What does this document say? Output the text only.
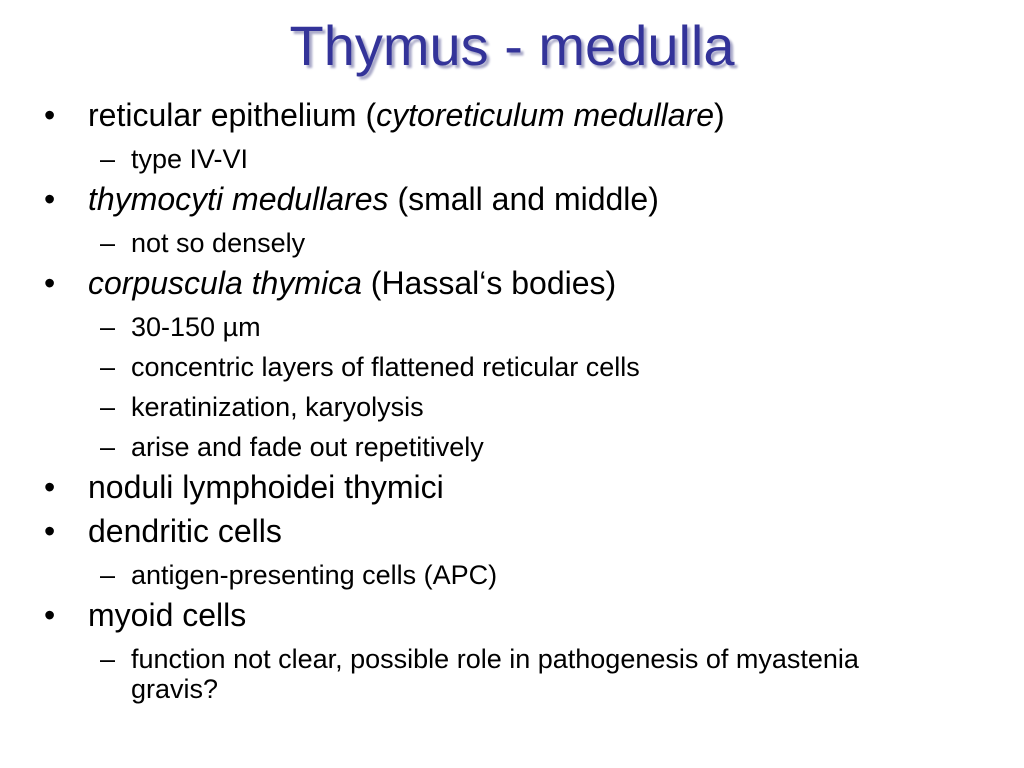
Thymus - medulla
• reticular epithelium (cytoreticulum medullare)
– type IV-VI
• thymocyti medullares (small and middle)
– not so densely
• corpuscula thymica (Hassal‘s bodies)
– 30-150 µm
– concentric layers of flattened reticular cells
– keratinization, karyolysis
– arise and fade out repetitively
• noduli lymphoidei thymici
• dendritic cells
– antigen-presenting cells (APC)
• myoid cells
– function not clear, possible role in pathogenesis of myastenia gravis?
